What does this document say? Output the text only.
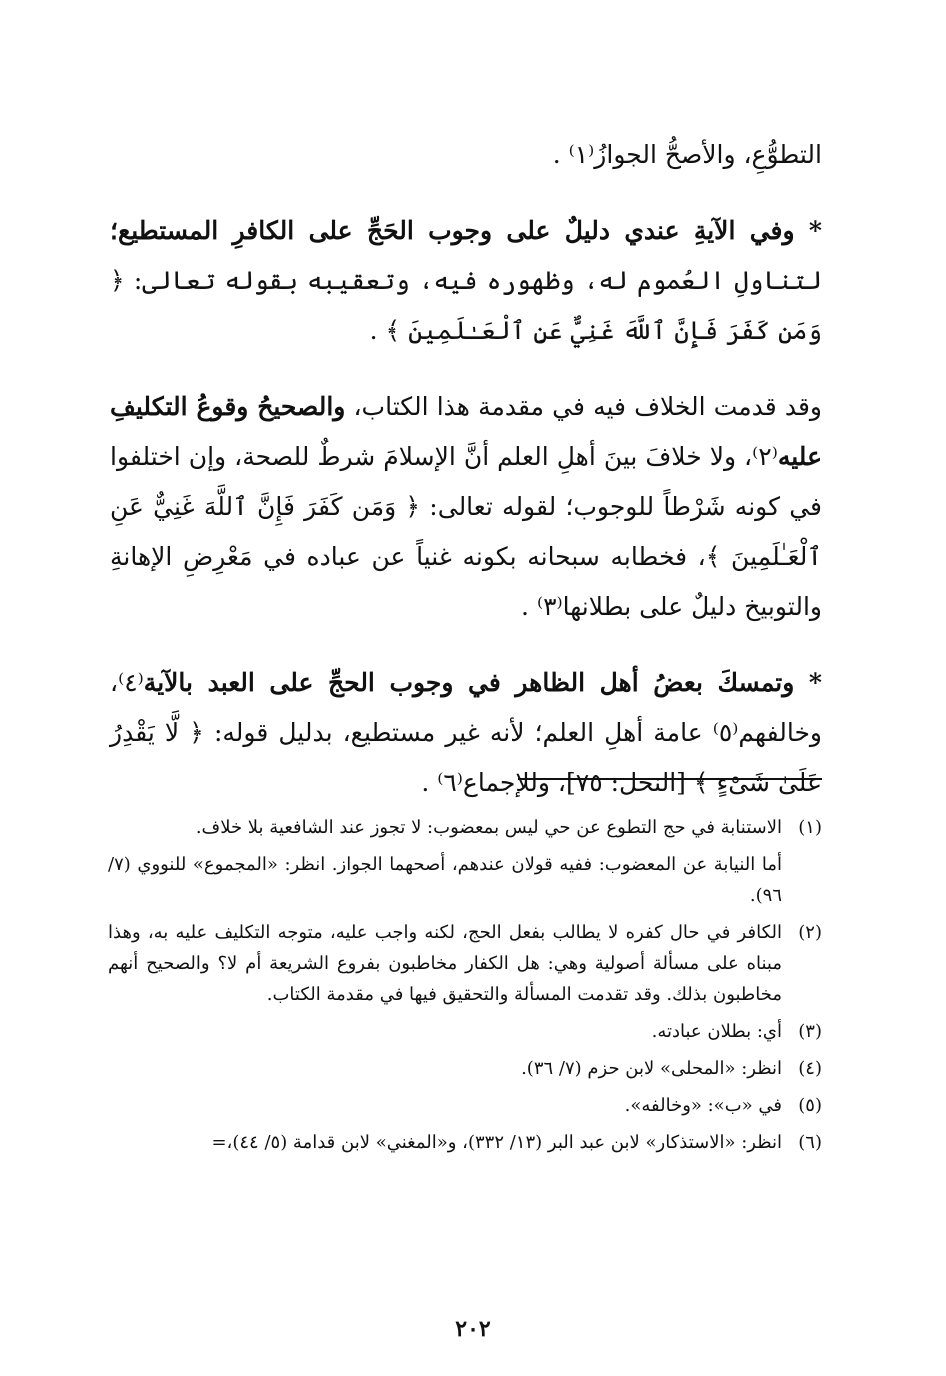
التطوُّعِ، والأصحُّ الجوازُ⁽١⁾ .

* وفي الآيةِ عندي دليلٌ على وجوب الحَجِّ على الكافرِ المستطيع؛ لتناولِ العُموم له، وظهوره فيه، وتعقيبه بقوله تعالى: ﴿ وَمَن كَفَرَ فَإِنَّ ٱللَّهَ غَنِيٌّ عَنِ ٱلْعَـٰلَمِينَ ﴾ .

وقد قدمت الخلاف فيه في مقدمة هذا الكتاب، والصحيحُ وقوعُ التكليفِ عليه⁽٢⁾، ولا خلافَ بينَ أهلِ العلم أنَّ الإسلامَ شرطٌ للصحة، وإن اختلفوا في كونه شَرْطاً للوجوب؛ لقوله تعالى: ﴿ وَمَن كَفَرَ فَإِنَّ ٱللَّهَ غَنِيٌّ عَنِ ٱلْعَـٰلَمِينَ ﴾، فخطابه سبحانه بكونه غنياً عن عباده في مَعْرِضِ الإهانةِ والتوبيخ دليلٌ على بطلانها⁽٣⁾ .

* وتمسكَ بعضُ أهل الظاهر في وجوب الحجِّ على العبد بالآية⁽٤⁾، وخالفهم⁽٥⁾ عامة أهلِ العلم؛ لأنه غير مستطيع، بدليل قوله: ﴿ لَّا يَقْدِرُ عَلَىٰ شَىْءٍ ﴾ [النحل: ٧٥]، وللإجماع⁽٦⁾ .

(١)
الاستنابة في حج التطوع عن حي ليس بمعضوب: لا تجوز عند الشافعية بلا خلاف.
أما النيابة عن المعضوب: ففيه قولان عندهم، أصحهما الجواز. انظر: «المجموع» للنووي (٧/ ٩٦).
(٢)
الكافر في حال كفره لا يطالب بفعل الحج، لكنه واجب عليه، متوجه التكليف عليه به، وهذا مبناه على مسألة أصولية وهي: هل الكفار مخاطبون بفروع الشريعة أم لا؟ والصحيح أنهم مخاطبون بذلك. وقد تقدمت المسألة والتحقيق فيها في مقدمة الكتاب.
(٣)
أي: بطلان عبادته.
(٤)
انظر: «المحلى» لابن حزم (٧/ ٣٦).
(٥)
في «ب»: «وخالفه».
(٦)
انظر: «الاستذكار» لابن عبد البر (١٣/ ٣٣٢)، و«المغني» لابن قدامة (٥/ ٤٤)،=
٢٠٢
